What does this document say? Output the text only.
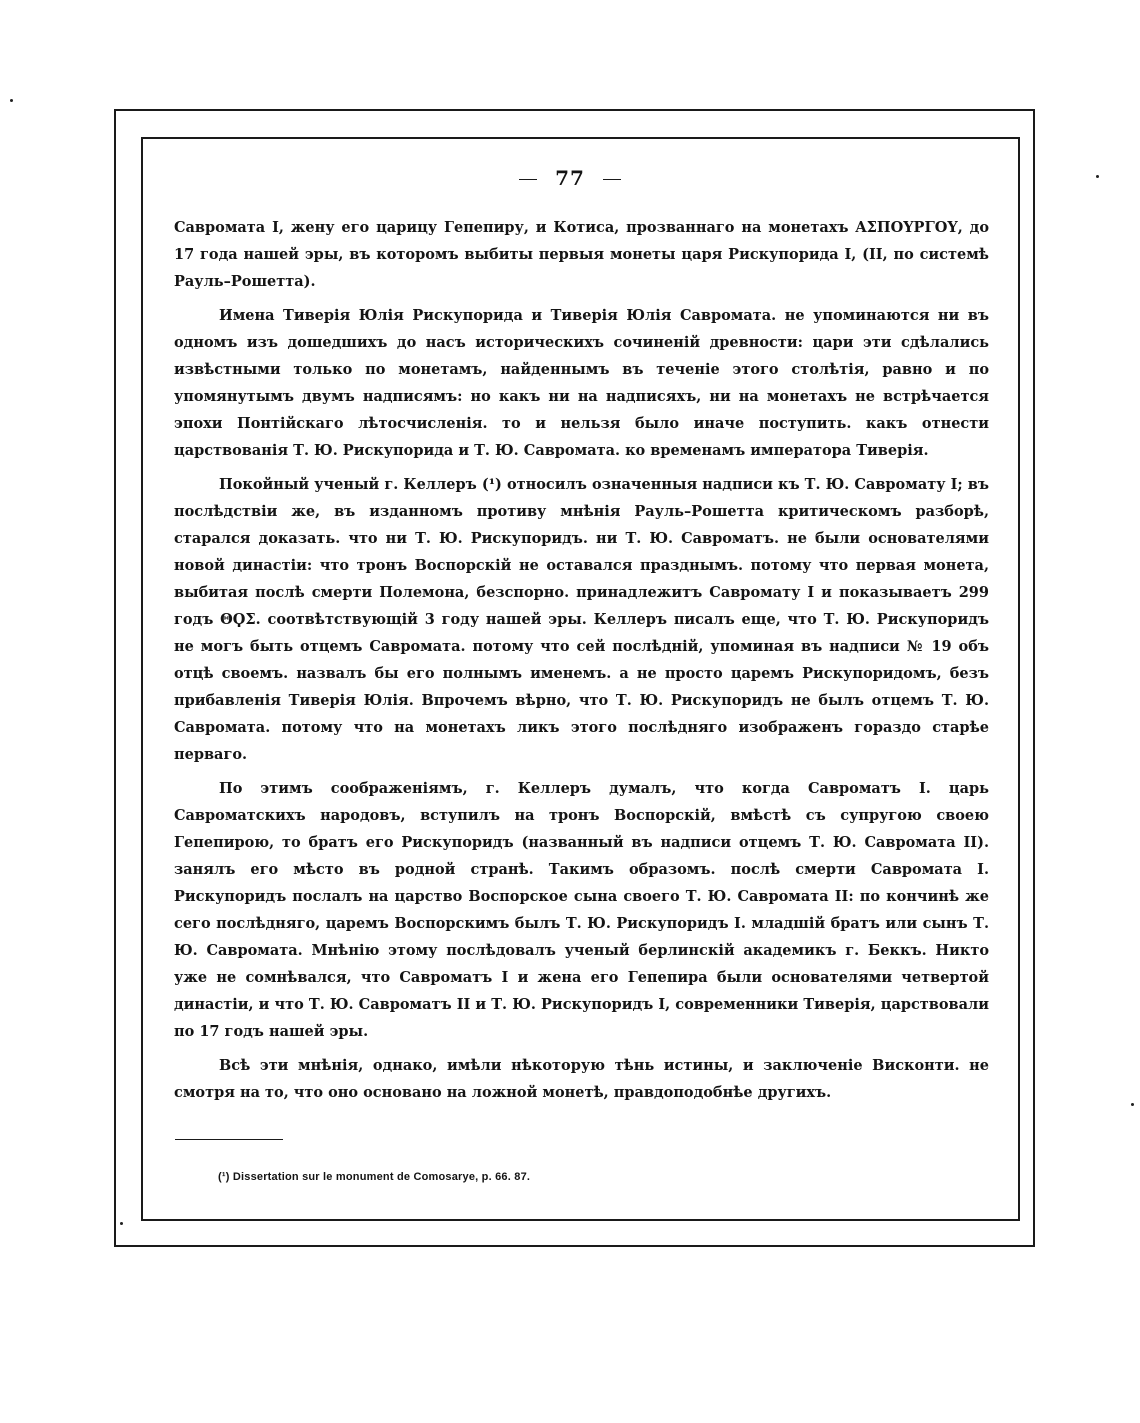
77

Савромата I, жену его царицу Гепепиру, и Котиса, прозваннаго на монетахъ ΑΣΠΟΥΡΓΟΥ, до 17 года нашей эры, въ которомъ выбиты первыя монеты царя Рискупорида I, (II, по системѣ Рауль–Рошетта).

Имена Тиверія Юлія Рискупорида и Тиверія Юлія Савромата. не упоминаются ни въ одномъ изъ дошедшихъ до насъ историческихъ сочиненій древности: цари эти сдѣлались извѣстными только по монетамъ, найденнымъ въ теченіе этого столѣтія, равно и по упомянутымъ двумъ надписямъ: но какъ ни на надписяхъ, ни на монетахъ не встрѣчается эпохи Понтійскаго лѣтосчисленія. то и нельзя было иначе поступить. какъ отнести царствованія Т. Ю. Рискупорида и Т. Ю. Савромата. ко временамъ императора Тиверія.

Покойный ученый г. Келлеръ (¹) относилъ означенныя надписи къ Т. Ю. Савромату I; въ послѣдствіи же, въ изданномъ противу мнѣнія Рауль–Рошетта критическомъ разборѣ, старался доказать. что ни Т. Ю. Рискупоридъ. ни Т. Ю. Савроматъ. не были основателями новой династіи: что тронъ Воспорскій не оставался празднымъ. потому что первая монета, выбитая послѣ смерти Полемона, безспорно. принадлежитъ Савромату I и показываетъ 299 годъ ΘϘΣ. соотвѣтствующій 3 году нашей эры. Келлеръ писалъ еще, что Т. Ю. Рискупоридъ не могъ быть отцемъ Савромата. потому что сей послѣдній, упоминая въ надписи № 19 объ отцѣ своемъ. назвалъ бы его полнымъ именемъ. а не просто царемъ Рискупоридомъ, безъ прибавленія Тиверія Юлія. Впрочемъ вѣрно, что Т. Ю. Рискупоридъ не былъ отцемъ Т. Ю. Савромата. потому что на монетахъ ликъ этого послѣдняго изображенъ гораздо старѣе перваго.

По этимъ соображеніямъ, г. Келлеръ думалъ, что когда Савроматъ I. царь Савроматскихъ народовъ, вступилъ на тронъ Воспорскій, вмѣстѣ съ супругою своею Гепепирою, то братъ его Рискупоридъ (названный въ надписи отцемъ Т. Ю. Савромата II). занялъ его мѣсто въ родной странѣ. Такимъ образомъ. послѣ смерти Савромата I. Рискупоридъ послалъ на царство Воспорское сына своего Т. Ю. Савромата II: по кончинѣ же сего послѣдняго, царемъ Воспорскимъ былъ Т. Ю. Рискупоридъ I. младшій братъ или сынъ Т. Ю. Савромата. Мнѣнію этому послѣдовалъ ученый берлинскій академикъ г. Беккъ. Никто уже не сомнѣвался, что Савроматъ I и жена его Гепепира были основателями четвертой династіи, и что Т. Ю. Савроматъ II и Т. Ю. Рискупоридъ I, современники Тиверія, царствовали по 17 годъ нашей эры.

Всѣ эти мнѣнія, однако, имѣли нѣкоторую тѣнь истины, и заключеніе Висконти. не смотря на то, что оно основано на ложной монетѣ, правдоподобнѣе другихъ.

(¹) Dissertation sur le monument de Comosarye, p. 66. 87.
